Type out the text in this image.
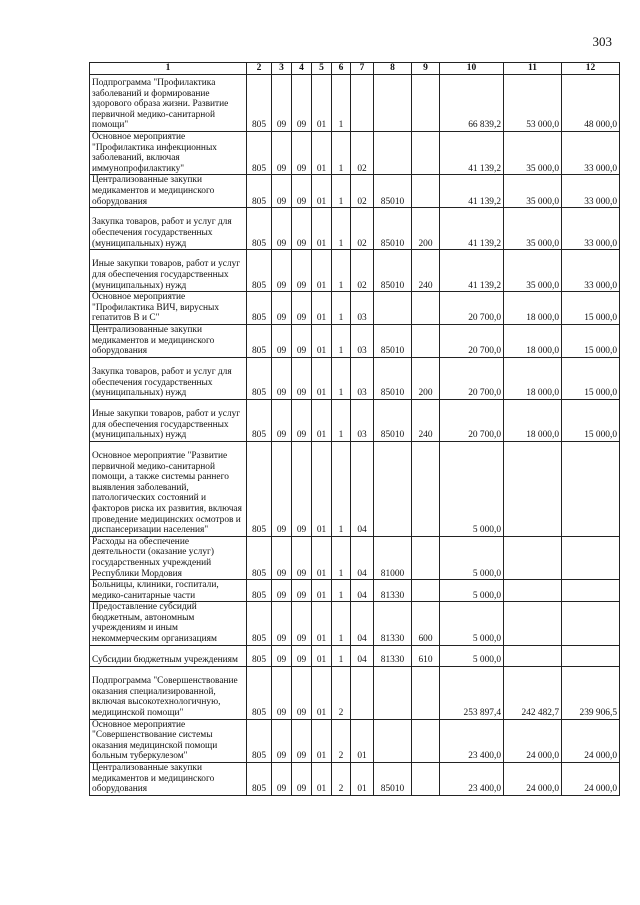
303
1	2	3	4	5	6	7	8	9	10	11	12
Подпрограмма "Профилактика заболеваний и формирование здорового образа жизни. Развитие первичной медико-санитарной помощи"	805	09	09	01	1				66 839,2	53 000,0	48 000,0
Основное мероприятие "Профилактика инфекционных заболеваний, включая иммунопрофилактику"	805	09	09	01	1	02			41 139,2	35 000,0	33 000,0
Централизованные закупки медикаментов и медицинского оборудования	805	09	09	01	1	02	85010		41 139,2	35 000,0	33 000,0
Закупка товаров, работ и услуг для обеспечения государственных (муниципальных) нужд	805	09	09	01	1	02	85010	200	41 139,2	35 000,0	33 000,0
Иные закупки товаров, работ и услуг для обеспечения государственных (муниципальных) нужд	805	09	09	01	1	02	85010	240	41 139,2	35 000,0	33 000,0
Основное мероприятие "Профилактика ВИЧ, вирусных гепатитов В и С"	805	09	09	01	1	03			20 700,0	18 000,0	15 000,0
Централизованные закупки медикаментов и медицинского оборудования	805	09	09	01	1	03	85010		20 700,0	18 000,0	15 000,0
Закупка товаров, работ и услуг для обеспечения государственных (муниципальных) нужд	805	09	09	01	1	03	85010	200	20 700,0	18 000,0	15 000,0
Иные закупки товаров, работ и услуг для обеспечения государственных (муниципальных) нужд	805	09	09	01	1	03	85010	240	20 700,0	18 000,0	15 000,0
Основное мероприятие "Развитие первичной медико-санитарной помощи, а также системы раннего выявления заболеваний, патологических состояний и факторов риска их развития, включая проведение медицинских осмотров и диспансеризации населения"	805	09	09	01	1	04			5 000,0		
Расходы на обеспечение деятельности (оказание услуг) государственных учреждений Республики Мордовия	805	09	09	01	1	04	81000		5 000,0		
Больницы, клиники, госпитали, медико-санитарные части	805	09	09	01	1	04	81330		5 000,0		
Предоставление субсидий бюджетным, автономным учреждениям и иным некоммерческим организациям	805	09	09	01	1	04	81330	600	5 000,0		
Субсидии бюджетным учреждениям	805	09	09	01	1	04	81330	610	5 000,0		
Подпрограмма "Совершенствование оказания специализированной, включая высокотехнологичную, медицинской помощи"	805	09	09	01	2				253 897,4	242 482,7	239 906,5
Основное мероприятие "Совершенствование системы оказания медицинской помощи больным туберкулезом"	805	09	09	01	2	01			23 400,0	24 000,0	24 000,0
Централизованные закупки медикаментов и медицинского оборудования	805	09	09	01	2	01	85010		23 400,0	24 000,0	24 000,0
